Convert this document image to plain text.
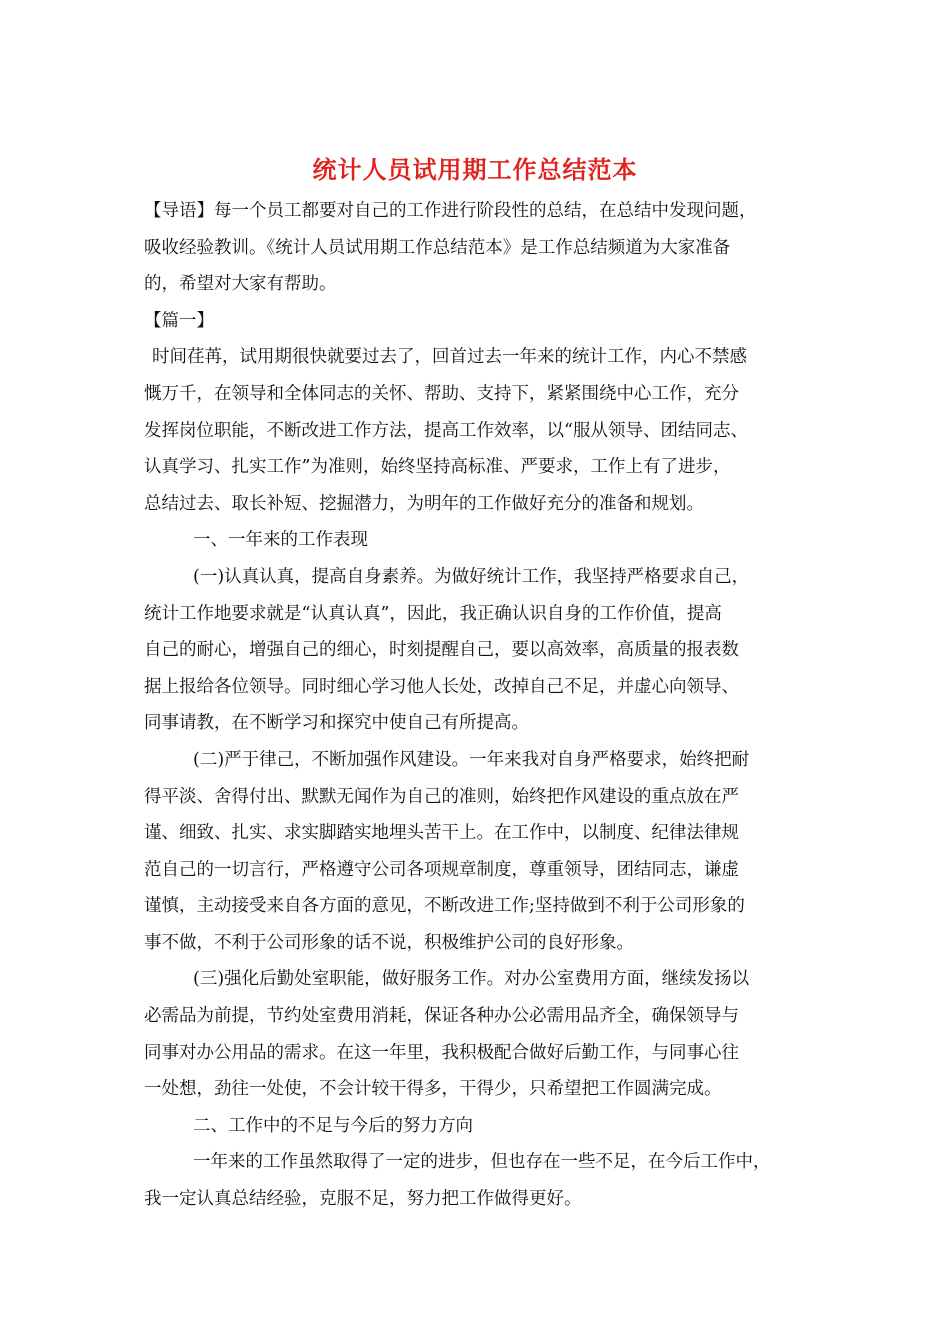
统计人员试用期工作总结范本
【导语】每一个员工都要对自己的工作进行阶段性的总结，在总结中发现问题，
吸收经验教训。《统计人员试用期工作总结范本》是工作总结频道为大家准备
的，希望对大家有帮助。
【篇一】
时间荏苒，试用期很快就要过去了，回首过去一年来的统计工作，内心不禁感
慨万千，在领导和全体同志的关怀、帮助、支持下，紧紧围绕中心工作，充分
发挥岗位职能，不断改进工作方法，提高工作效率，以“服从领导、团结同志、
认真学习、扎实工作”为准则，始终坚持高标准、严要求，工作上有了进步，
总结过去、取长补短、挖掘潜力，为明年的工作做好充分的准备和规划。
一、一年来的工作表现
(一)认真认真，提高自身素养。为做好统计工作，我坚持严格要求自己，
统计工作地要求就是“认真认真”，因此，我正确认识自身的工作价值，提高
自己的耐心，增强自己的细心，时刻提醒自己，要以高效率，高质量的报表数
据上报给各位领导。同时细心学习他人长处，改掉自己不足，并虚心向领导、
同事请教，在不断学习和探究中使自己有所提高。
(二)严于律己，不断加强作风建设。一年来我对自身严格要求，始终把耐
得平淡、舍得付出、默默无闻作为自己的准则，始终把作风建设的重点放在严
谨、细致、扎实、求实脚踏实地埋头苦干上。在工作中，以制度、纪律法律规
范自己的一切言行，严格遵守公司各项规章制度，尊重领导，团结同志，谦虚
谨慎，主动接受来自各方面的意见，不断改进工作;坚持做到不利于公司形象的
事不做，不利于公司形象的话不说，积极维护公司的良好形象。
(三)强化后勤处室职能，做好服务工作。对办公室费用方面，继续发扬以
必需品为前提，节约处室费用消耗，保证各种办公必需用品齐全，确保领导与
同事对办公用品的需求。在这一年里，我积极配合做好后勤工作，与同事心往
一处想，劲往一处使，不会计较干得多，干得少，只希望把工作圆满完成。
二、工作中的不足与今后的努力方向
一年来的工作虽然取得了一定的进步，但也存在一些不足，在今后工作中，
我一定认真总结经验，克服不足，努力把工作做得更好。
